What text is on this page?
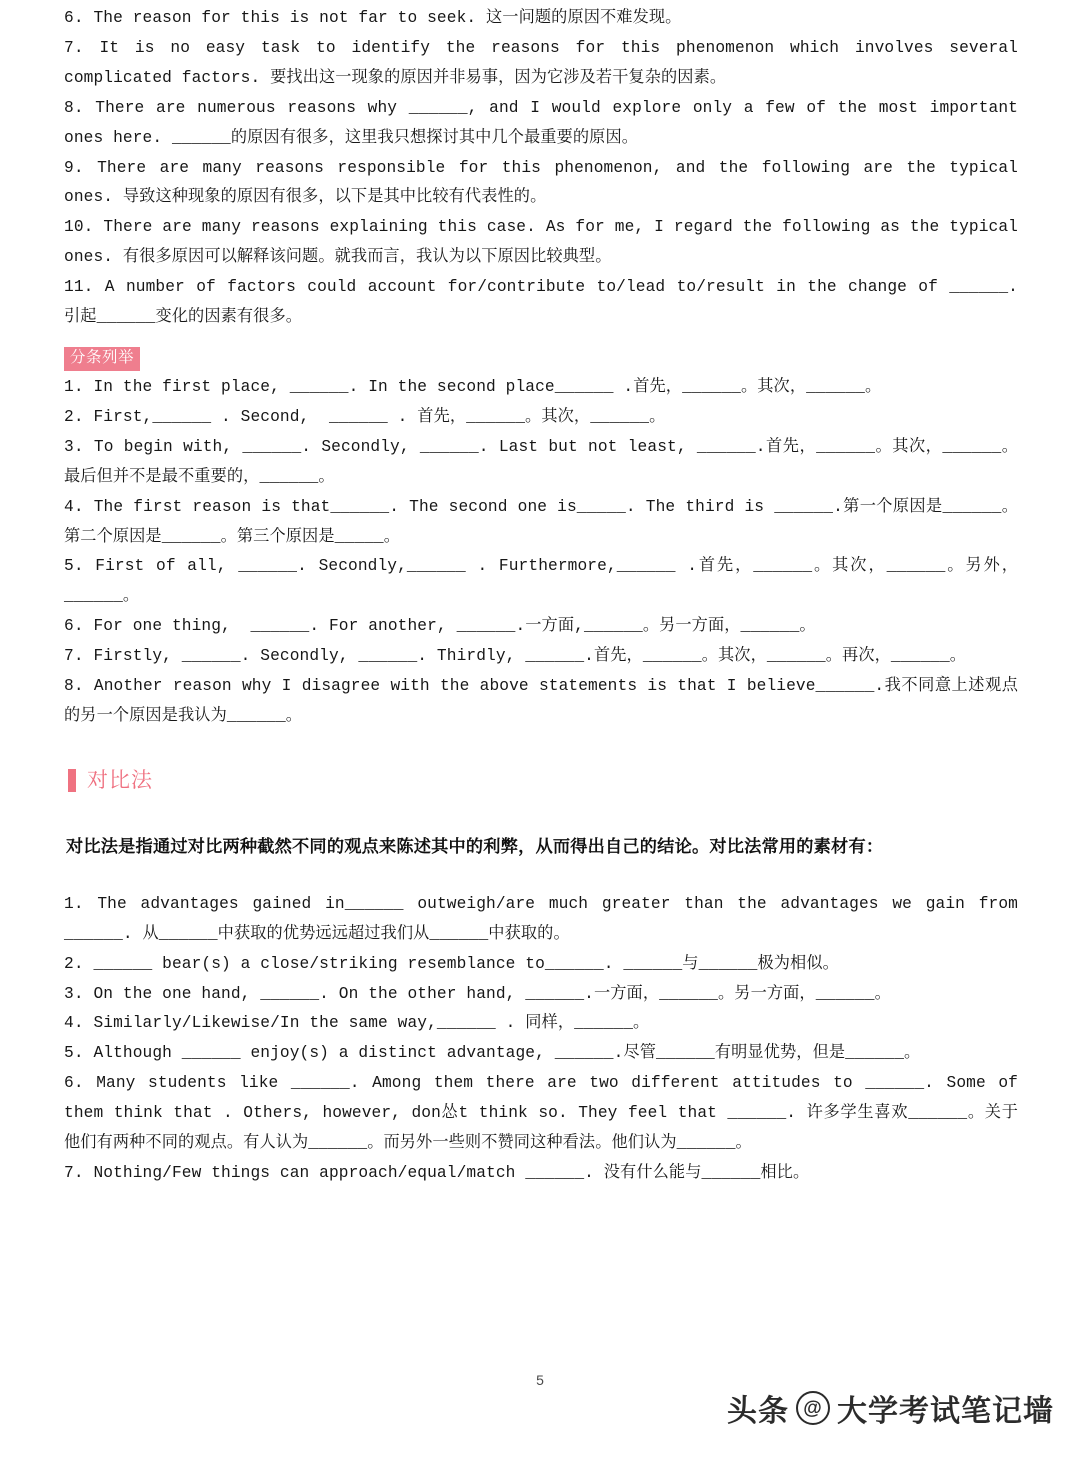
6. The reason for this is not far to seek. 这一问题的原因不难发现。

7. It is no easy task to identify the reasons for this phenomenon which involves several complicated factors. 要找出这一现象的原因并非易事，因为它涉及若干复杂的因素。

8. There are numerous reasons why ______, and I would explore only a few of the most important ones here. ______的原因有很多，这里我只想探讨其中几个最重要的原因。

9. There are many reasons responsible for this phenomenon, and the following are the typical ones. 导致这种现象的原因有很多，以下是其中比较有代表性的。

10. There are many reasons explaining this case. As for me, I regard the following as the typical ones. 有很多原因可以解释该问题。就我而言，我认为以下原因比较典型。

11. A number of factors could account for/contribute to/lead to/result in the change of ______. 引起______变化的因素有很多。

分条列举

1. In the first place, ______. In the second place______ .首先，______。其次，______。

2. First,______ . Second,  ______ . 首先，______。其次，______。

3. To begin with, ______. Secondly, ______. Last but not least, ______.首先，______。其次，______。最后但并不是最不重要的，______。

4. The first reason is that______. The second one is_____. The third is ______.第一个原因是______。第二个原因是______。第三个原因是_____。

5. First of all, ______. Secondly,______ . Furthermore,______ .首先，______。其次，______。另外，______。

6. For one thing,  ______. For another, ______.一方面,______。另一方面，______。

7. Firstly, ______. Secondly, ______. Thirdly, ______.首先，______。其次，______。再次，______。

8. Another reason why I disagree with the above statements is that I believe______.我不同意上述观点的另一个原因是我认为______。

对比法

对比法是指通过对比两种截然不同的观点来陈述其中的利弊，从而得出自己的结论。对比法常用的素材有：

1. The advantages gained in______ outweigh/are much greater than the advantages we gain from ______. 从______中获取的优势远远超过我们从______中获取的。

2. ______ bear(s) a close/striking resemblance to______. ______与______极为相似。

3. On the one hand, ______. On the other hand, ______.一方面，______。另一方面，______。

4. Similarly/Likewise/In the same way,______ . 同样，______。

5. Although ______ enjoy(s) a distinct advantage, ______.尽管______有明显优势，但是______。

6. Many students like ______. Among them there are two different attitudes to ______. Some of them think that . Others, however, don怂t think so. They feel that ______. 许多学生喜欢______。关于他们有两种不同的观点。有人认为______。而另外一些则不赞同这种看法。他们认为______。

7. Nothing/Few things can approach/equal/match ______. 没有什么能与______相比。

5
头条 @ 大学考试笔记墙
